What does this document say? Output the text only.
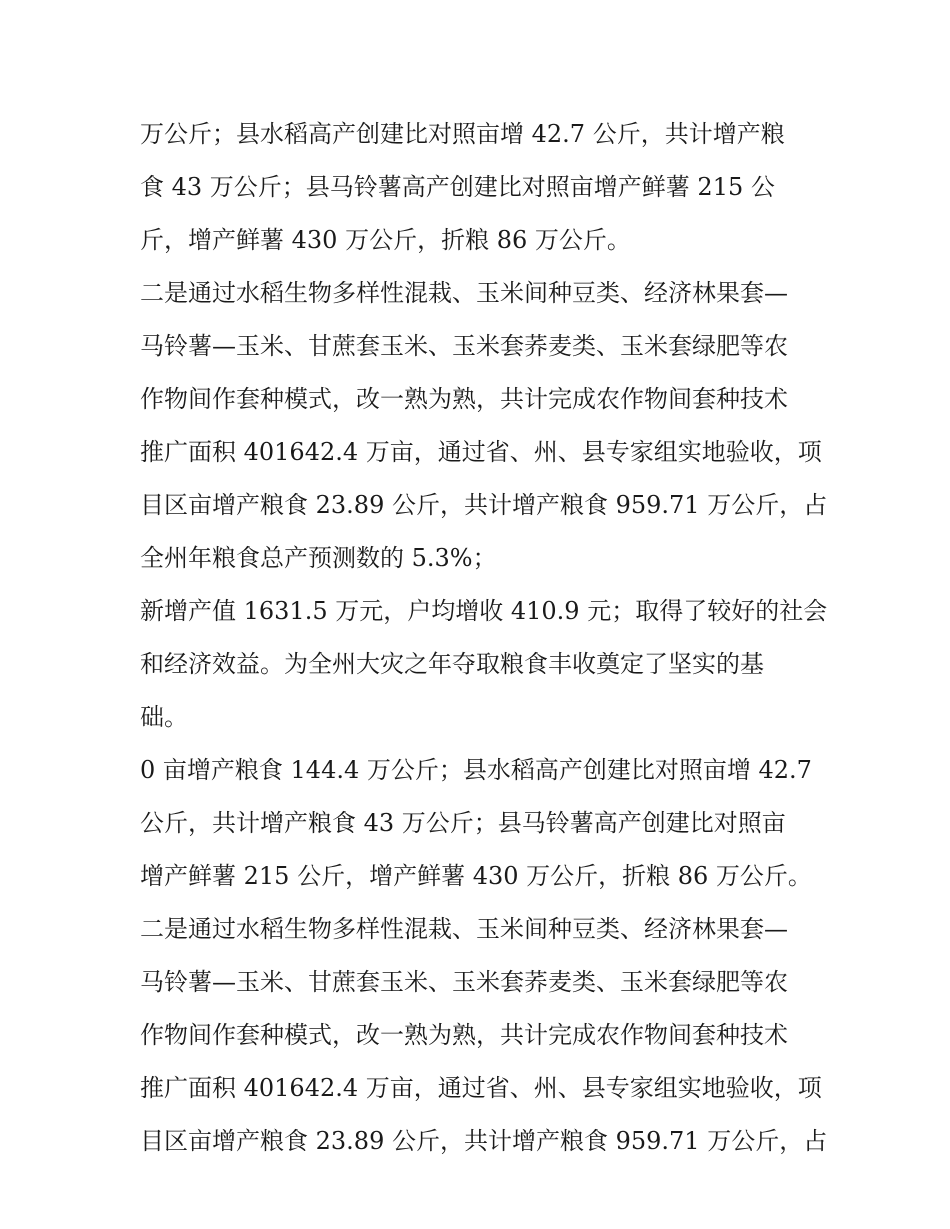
万公斤；县水稻高产创建比对照亩增 42.7 公斤，共计增产粮
食 43 万公斤；县马铃薯高产创建比对照亩增产鲜薯 215 公
斤，增产鲜薯 430 万公斤，折粮 86 万公斤。
二是通过水稻生物多样性混栽、玉米间种豆类、经济林果套—
马铃薯—玉米、甘蔗套玉米、玉米套荞麦类、玉米套绿肥等农
作物间作套种模式，改一熟为熟，共计完成农作物间套种技术
推广面积 401642.4 万亩，通过省、州、县专家组实地验收，项
目区亩增产粮食 23.89 公斤，共计增产粮食 959.71 万公斤，占
全州年粮食总产预测数的 5.3%；
新增产值 1631.5 万元，户均增收 410.9 元；取得了较好的社会
和经济效益。为全州大灾之年夺取粮食丰收奠定了坚实的基
础。
0 亩增产粮食 144.4 万公斤；县水稻高产创建比对照亩增 42.7
公斤，共计增产粮食 43 万公斤；县马铃薯高产创建比对照亩
增产鲜薯 215 公斤，增产鲜薯 430 万公斤，折粮 86 万公斤。
二是通过水稻生物多样性混栽、玉米间种豆类、经济林果套—
马铃薯—玉米、甘蔗套玉米、玉米套荞麦类、玉米套绿肥等农
作物间作套种模式，改一熟为熟，共计完成农作物间套种技术
推广面积 401642.4 万亩，通过省、州、县专家组实地验收，项
目区亩增产粮食 23.89 公斤，共计增产粮食 959.71 万公斤，占
